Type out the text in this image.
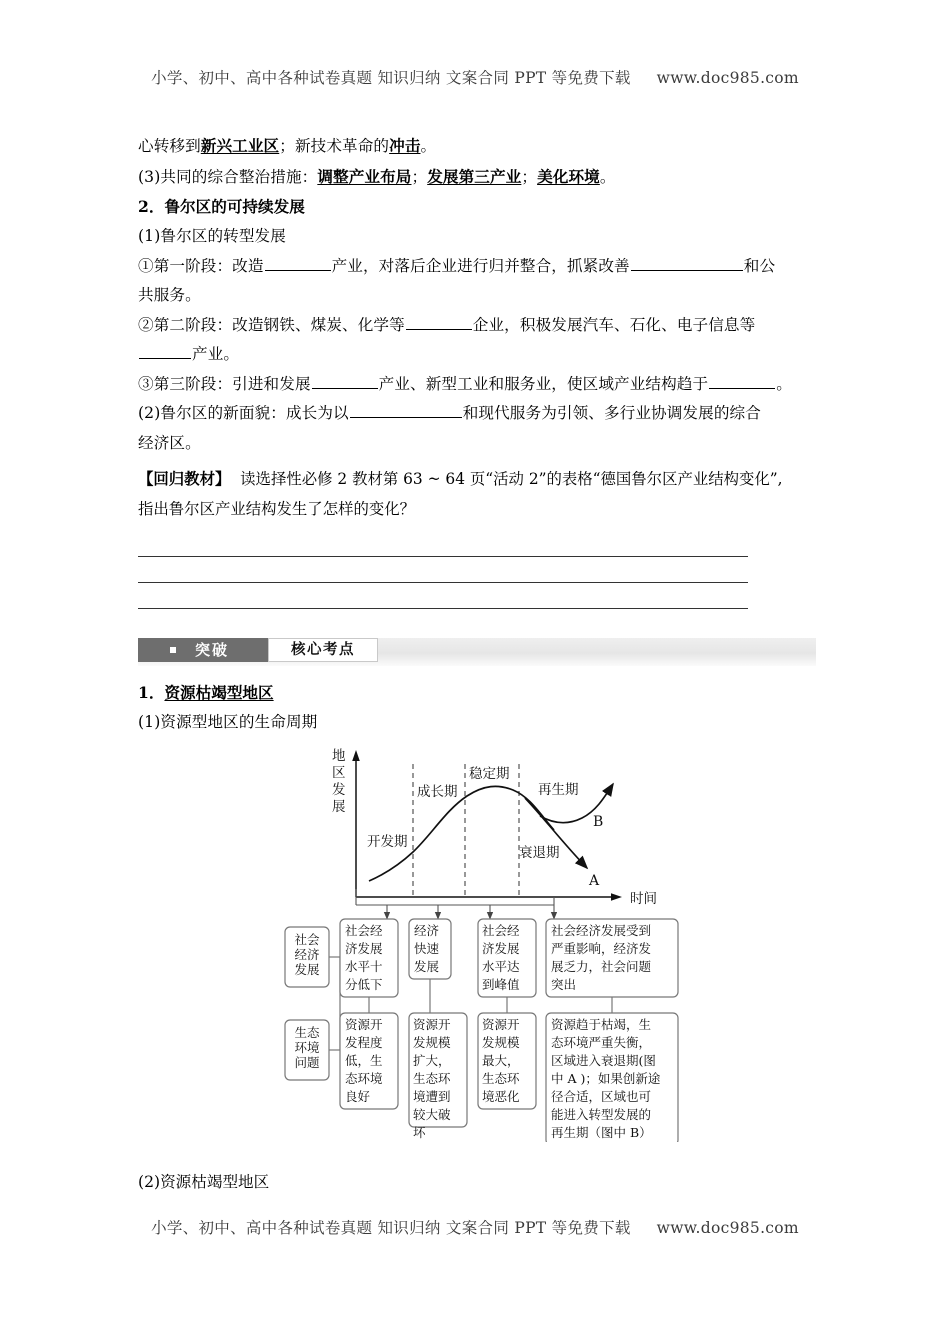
小学、初中、高中各种试卷真题 知识归纳 文案合同 PPT 等免费下载 www.doc985.com

心转移到新兴工业区；新技术革命的冲击。

(3)共同的综合整治措施：调整产业布局；发展第三产业；美化环境。

2．鲁尔区的可持续发展

(1)鲁尔区的转型发展

①第一阶段：改造	产业，对落后企业进行归并整合，抓紧改善	和公

共服务。

②第二阶段：改造钢铁、煤炭、化学等	企业，积极发展汽车、石化、电子信息等

产业。

③第三阶段：引进和发展	产业、新型工业和服务业，使区域产业结构趋于	。

(2)鲁尔区的新面貌：成长为以	和现代服务为引领、多行业协调发展的综合

经济区。

【回归教材】 读选择性必修 2 教材第 63 ~ 64 页“活动 2”的表格“德国鲁尔区产业结构变化”,
指出鲁尔区产业结构发生了怎样的变化？
突破	核心考点

1．资源枯竭型地区

(1)资源型地区的生命周期

地
区
发
展
时间
A
衰退期
B
再生期
开发期
成长期
稳定期
社会经济发展
生态环境问题
社会经济发展水平十分低下
资源开发程度低，生态环境良好
经济快速发展
资源开发规模扩大，生态环境遭到较大破坏
社会经济发展水平达到峰值
资源开发规模最大，生态环境恶化
社会经济发展受到严重影响，经济发展乏力，社会问题突出
资源趋于枯竭，生态环境严重失衡，区域进入衰退期(图中 A )；如果创新途径合适，区域也可能进入转型发展的再生期（图中 B）

(2)资源枯竭型地区

小学、初中、高中各种试卷真题 知识归纳 文案合同 PPT 等免费下载 www.doc985.com
